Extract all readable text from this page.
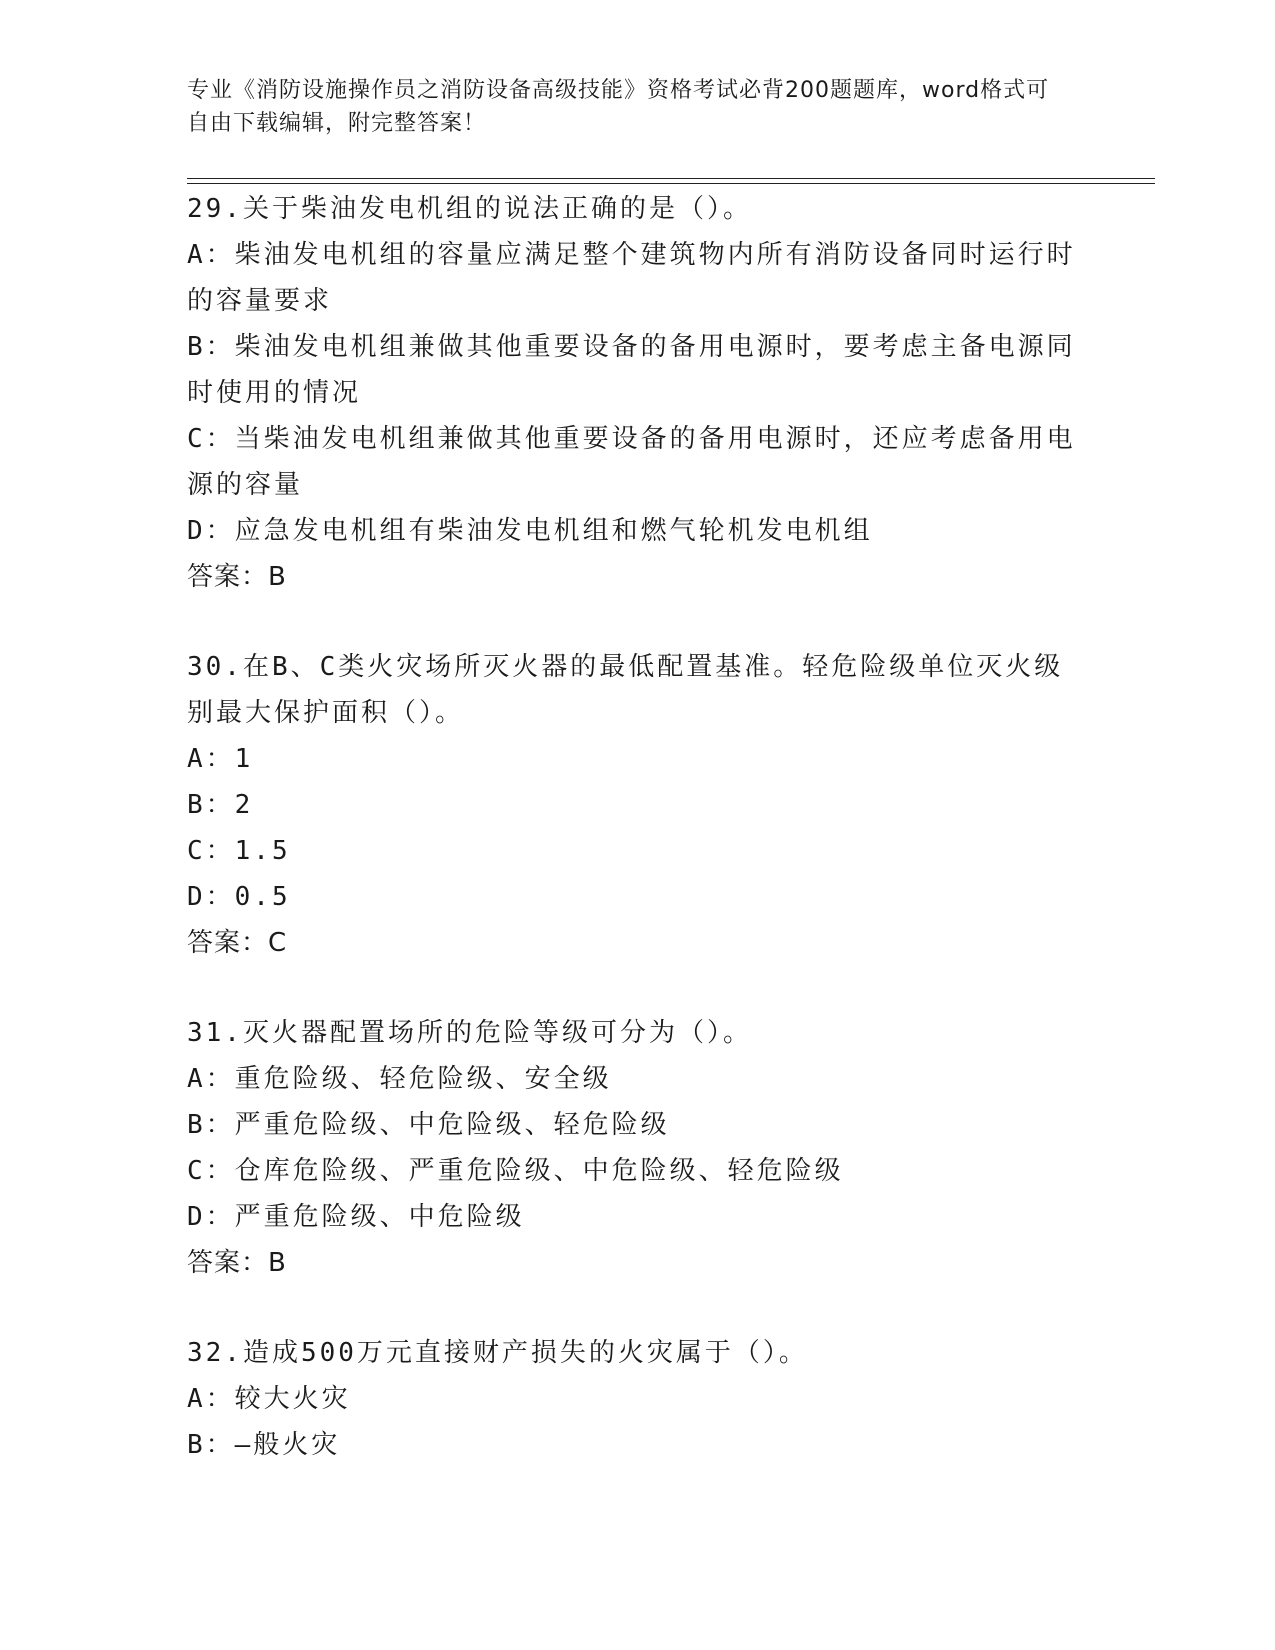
专业《消防设施操作员之消防设备高级技能》资格考试必背200题题库，word格式可自由下载编辑，附完整答案！
29.关于柴油发电机组的说法正确的是（）。
A：柴油发电机组的容量应满足整个建筑物内所有消防设备同时运行时
的容量要求
B：柴油发电机组兼做其他重要设备的备用电源时，要考虑主备电源同
时使用的情况
C：当柴油发电机组兼做其他重要设备的备用电源时，还应考虑备用电
源的容量
D：应急发电机组有柴油发电机组和燃气轮机发电机组
答案：B
30.在B、C类火灾场所灭火器的最低配置基准。轻危险级单位灭火级
别最大保护面积（）。
A：1
B：2
C：1.5
D：0.5
答案：C
31.灭火器配置场所的危险等级可分为（）。
A：重危险级、轻危险级、安全级
B：严重危险级、中危险级、轻危险级
C：仓库危险级、严重危险级、中危险级、轻危险级
D：严重危险级、中危险级
答案：B
32.造成500万元直接财产损失的火灾属于（）。
A：较大火灾
B：—般火灾
